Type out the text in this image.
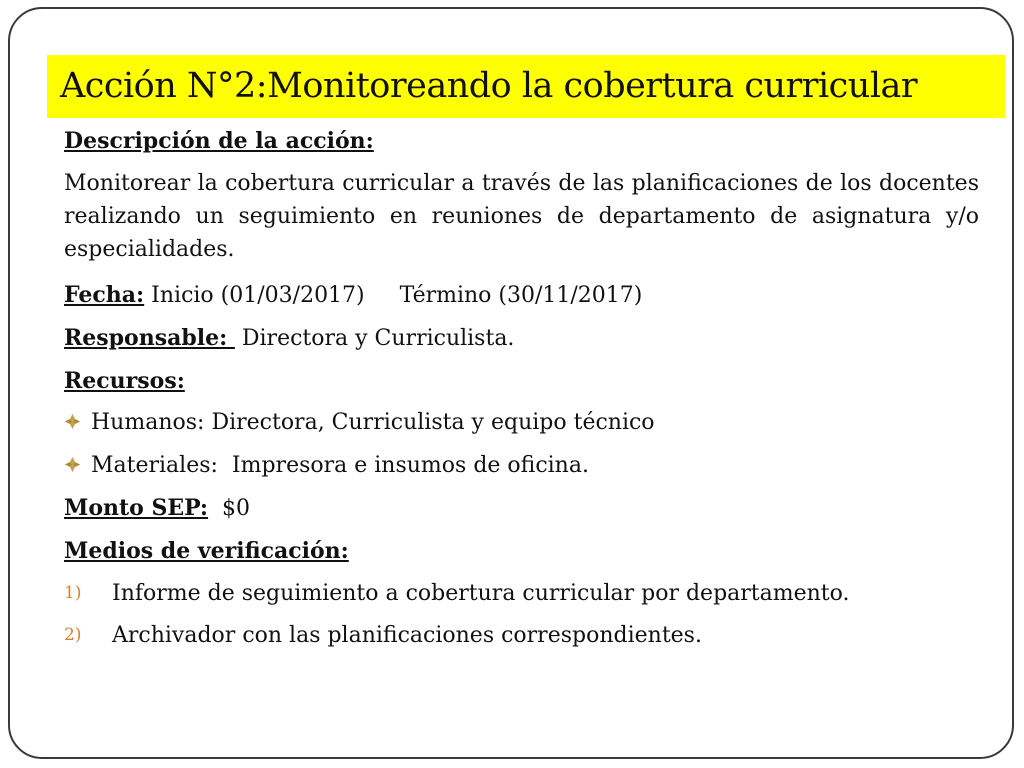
Acción N°2:Monitoreando la cobertura curricular

Descripción de la acción:

Monitorear la cobertura curricular a través de las planificaciones de los docentes realizando un seguimiento en reuniones de departamento de asignatura y/o especialidades.

Fecha: Inicio (01/03/2017)     Término (30/11/2017)

Responsable:  Directora y Curriculista.

Recursos:

Humanos: Directora, Curriculista y equipo técnico

Materiales:  Impresora e insumos de oficina.

Monto SEP:  $0

Medios de verificación:

1) Informe de seguimiento a cobertura curricular por departamento.

2) Archivador con las planificaciones correspondientes.
